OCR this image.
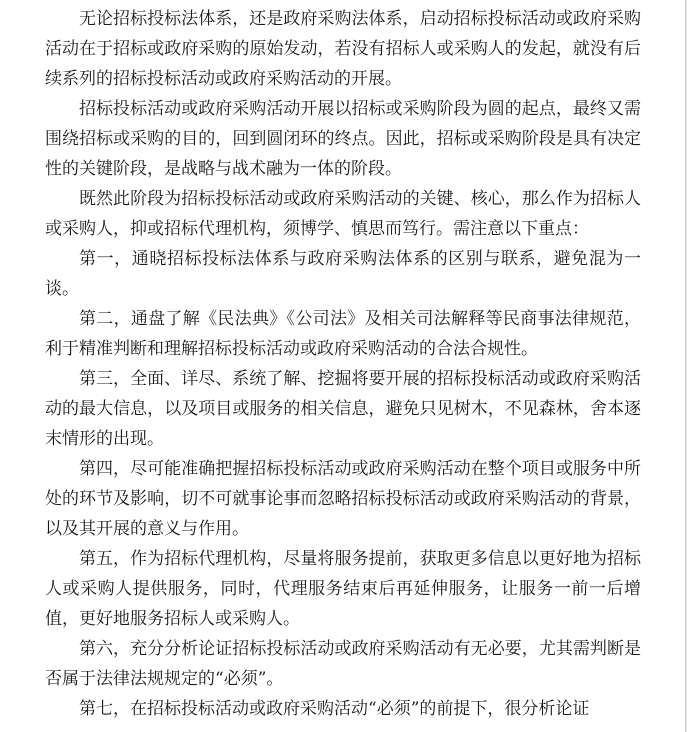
无论招标投标法体系，还是政府采购法体系，启动招标投标活动或政府采购活动在于招标或政府采购的原始发动，若没有招标人或采购人的发起，就没有后续系列的招标投标活动或政府采购活动的开展。

招标投标活动或政府采购活动开展以招标或采购阶段为圆的起点，最终又需围绕招标或采购的目的，回到圆闭环的终点。因此，招标或采购阶段是具有决定性的关键阶段，是战略与战术融为一体的阶段。

既然此阶段为招标投标活动或政府采购活动的关键、核心，那么作为招标人或采购人，抑或招标代理机构，须博学、慎思而笃行。需注意以下重点：

第一，通晓招标投标法体系与政府采购法体系的区别与联系，避免混为一谈。

第二，通盘了解《民法典》《公司法》及相关司法解释等民商事法律规范，利于精准判断和理解招标投标活动或政府采购活动的合法合规性。

第三，全面、详尽、系统了解、挖掘将要开展的招标投标活动或政府采购活动的最大信息，以及项目或服务的相关信息，避免只见树木，不见森林，舍本逐末情形的出现。

第四，尽可能准确把握招标投标活动或政府采购活动在整个项目或服务中所处的环节及影响，切不可就事论事而忽略招标投标活动或政府采购活动的背景，以及其开展的意义与作用。

第五，作为招标代理机构，尽量将服务提前，获取更多信息以更好地为招标人或采购人提供服务，同时，代理服务结束后再延伸服务，让服务一前一后增值，更好地服务招标人或采购人。

第六，充分分析论证招标投标活动或政府采购活动有无必要，尤其需判断是否属于法律法规规定的“必须”。

第七，在招标投标活动或政府采购活动“必须”的前提下，很分析论证
